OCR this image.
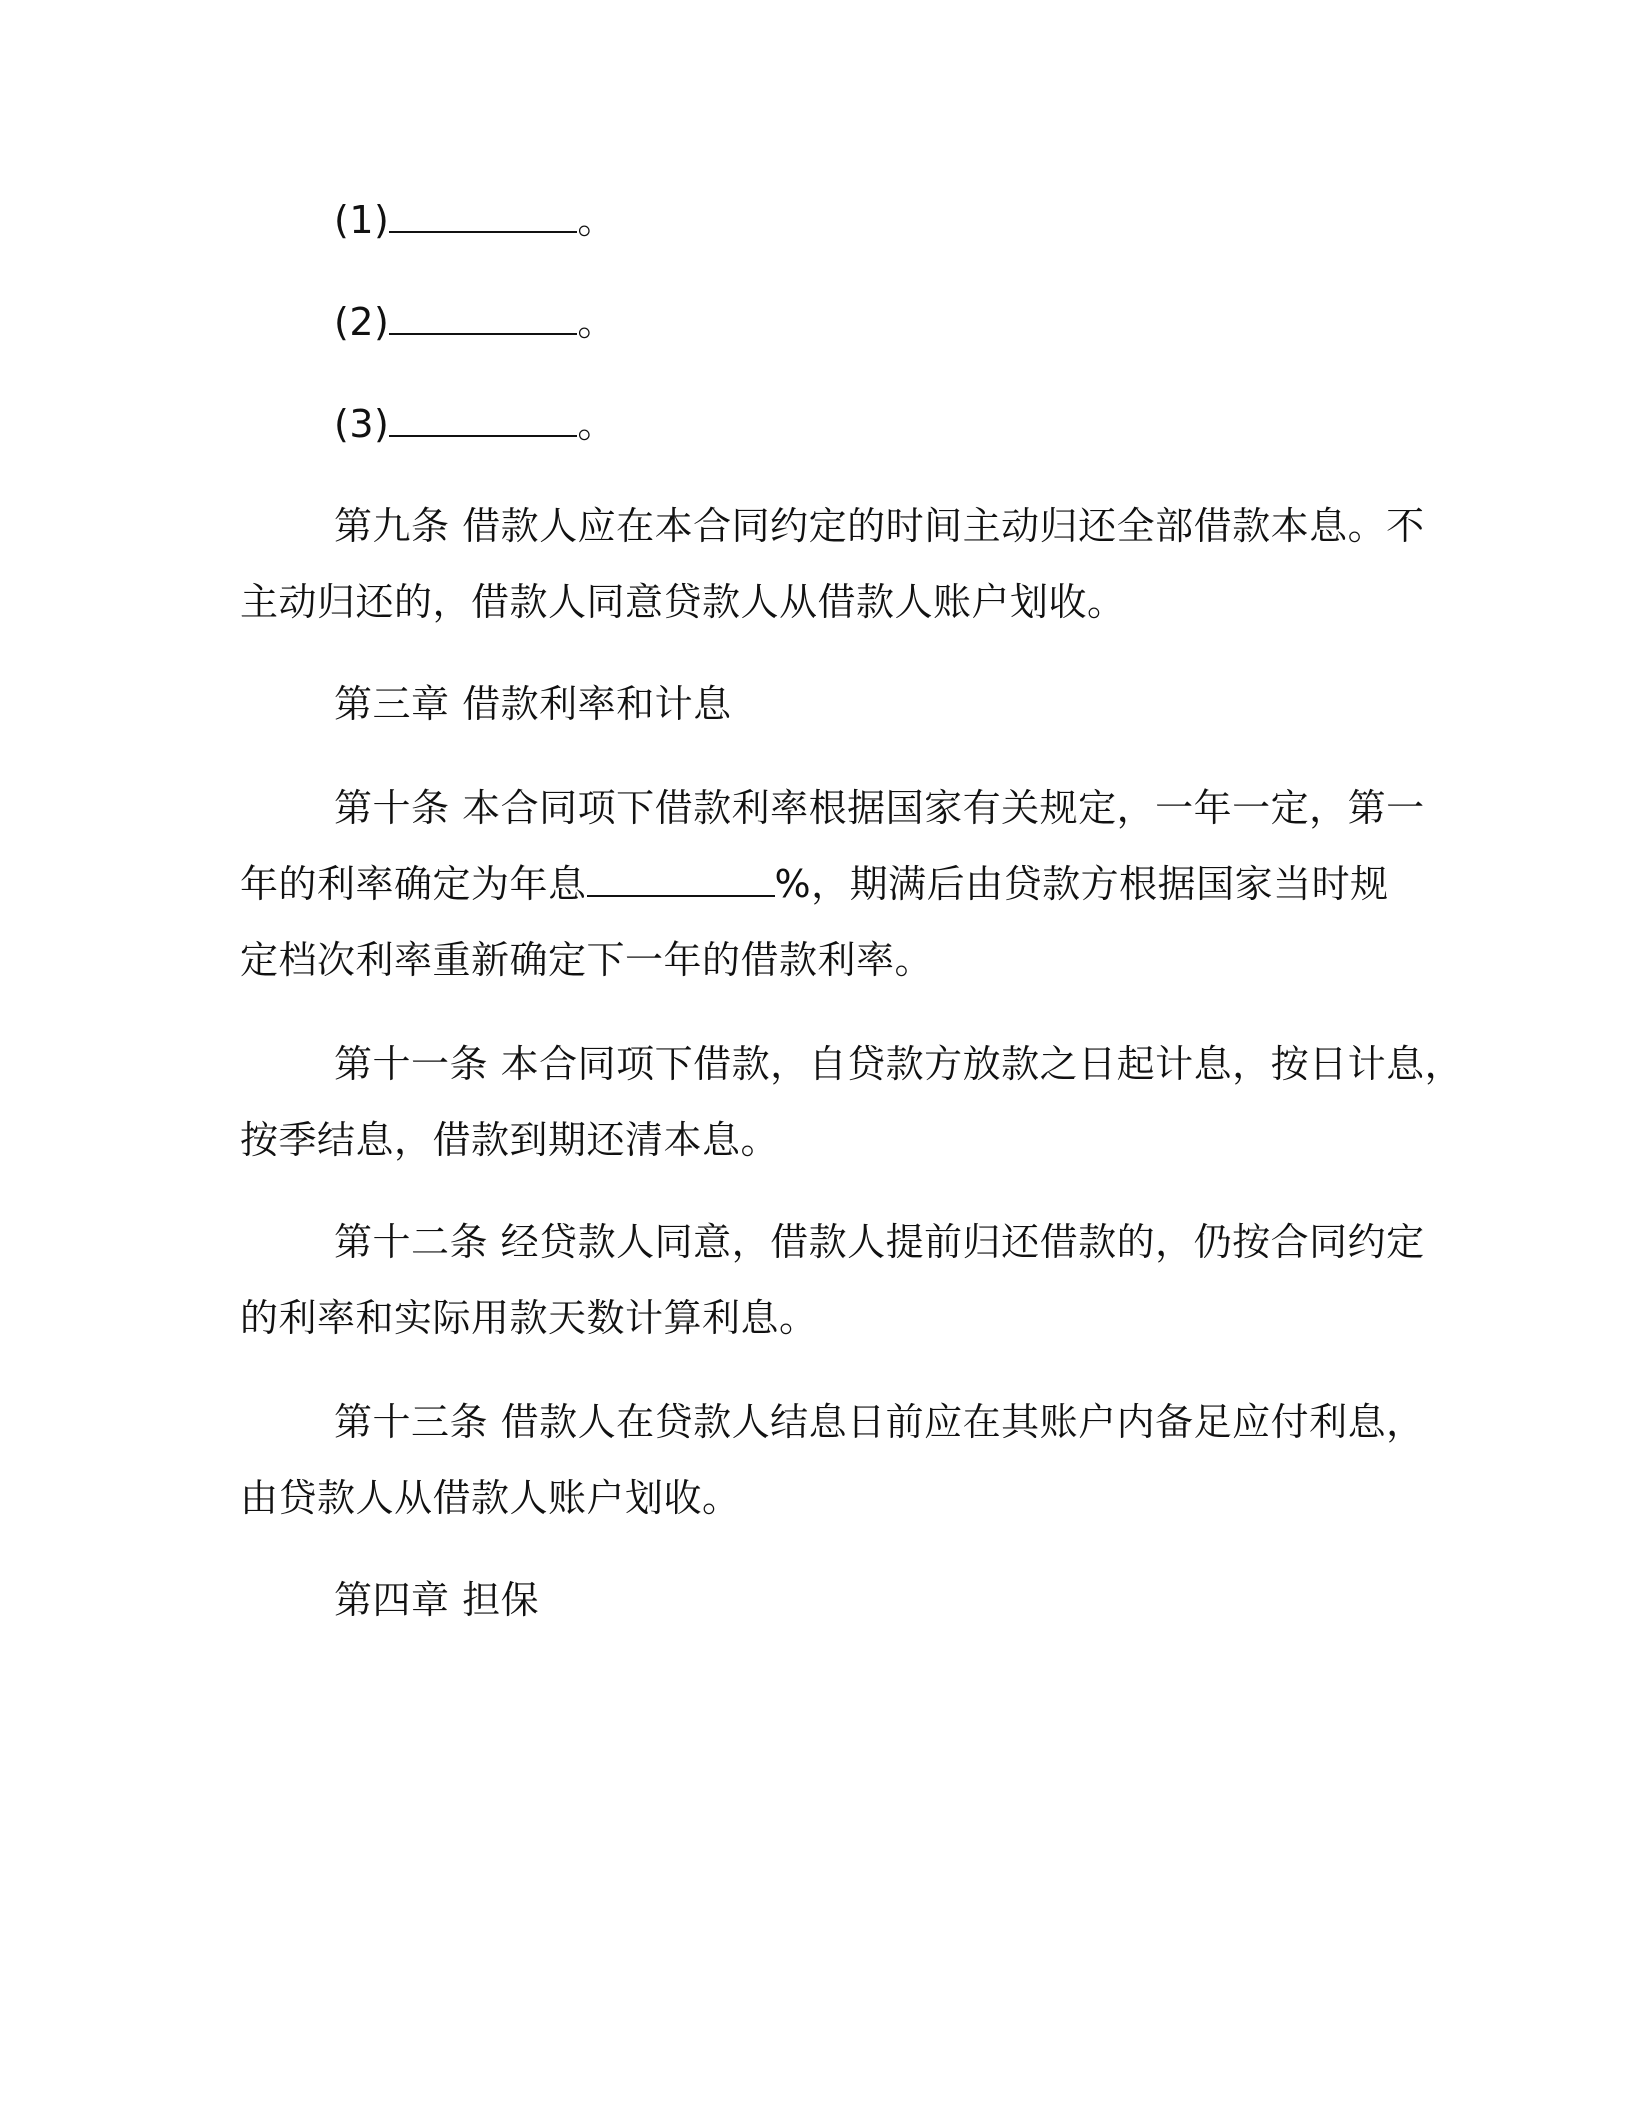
(1)	。
(2)	。
(3)	。
第九条 借款人应在本合同约定的时间主动归还全部借款本息。不
主动归还的，借款人同意贷款人从借款人账户划收。
第三章 借款利率和计息
第十条 本合同项下借款利率根据国家有关规定，一年一定，第一
年的利率确定为年息	%，期满后由贷款方根据国家当时规
定档次利率重新确定下一年的借款利率。
第十一条 本合同项下借款，自贷款方放款之日起计息，按日计息，
按季结息，借款到期还清本息。
第十二条 经贷款人同意，借款人提前归还借款的，仍按合同约定
的利率和实际用款天数计算利息。
第十三条 借款人在贷款人结息日前应在其账户内备足应付利息，
由贷款人从借款人账户划收。
第四章 担保
